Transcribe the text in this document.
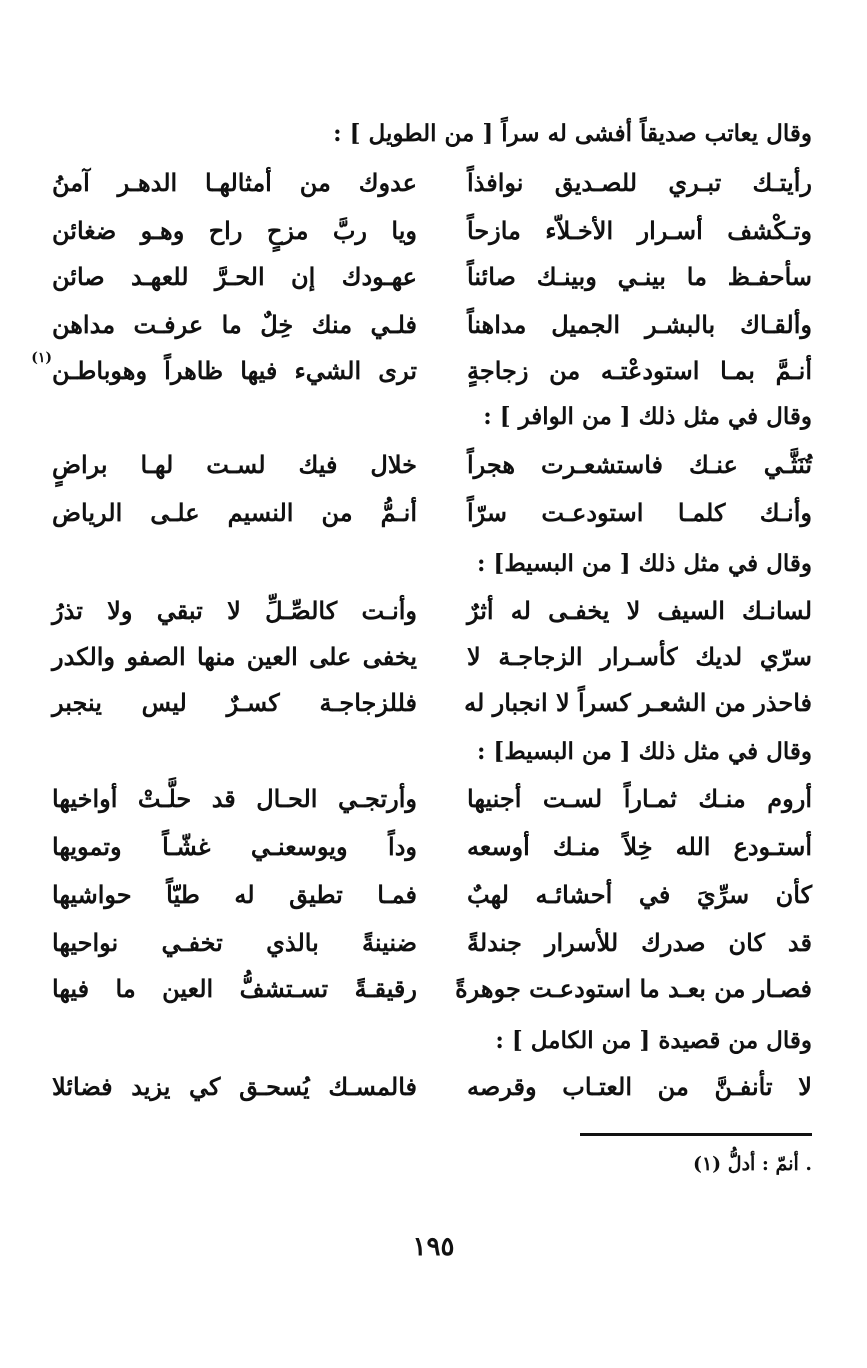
وقال يعاتب صديقاً أفشى له سراً [ من الطويل ] :
رأيتـك تبـري للصـديق نوافذاً
عدوك من أمثالهـا الدهـر آمنُ
وتـكْشف أسـرار الأخـلاّء مازحاً
ويا ربَّ مزحٍ راح وهـو ضغائن
سأحفـظ ما بينـي وبينـك صائناً
عهـودك إن الحـرَّ للعهـد صائن
وألقـاك بالبشـر الجميل مداهناً
فلـي منك خِلٌ ما عرفـت مداهن
أنـمَّ بمـا استودعْتـه من زجاجةٍ
ترى الشيء فيها ظاهراً وهوباطـن
(١)
وقال في مثل ذلك [ من الوافر ] :
تُنَثَّـي عنـك فاستشعـرت هجراً
خلال فيك لسـت لهـا براضٍ
وأنـك كلمـا استودعـت سرّاً
أنـمُّ من النسيم علـى الرياض
وقال في مثل ذلك [ من البسيط] :
لسانـك السيف لا يخفـى له أثرٌ
وأنـت كالصِّـلِّ لا تبقي ولا تذرُ
سرّي لديك كأسـرار الزجاجـة لا
يخفى على العين منها الصفو والكدر
فاحذر من الشعـر كسراً لا انجبار له
فللزجاجـة كسـرٌ ليس ينجبر
وقال في مثل ذلك [ من البسيط] :
أروم منـك ثمـاراً لسـت أجنيها
وأرتجـي الحـال قد حلَّـتْ أواخيها
أستـودع الله خِلاً منـك أوسعه
وداً ويوسعنـي غشّـاً وتمويها
كأن سرِّيَ في أحشائـه لهبٌ
فمـا تطيق له طيّاً حواشيها
قد كان صدرك للأسرار جندلةً
ضنينةً بالذي تخفـي نواحيها
فصـار من بعـد ما استودعـت جوهرةً
رقيقـةً تسـتشفُّ العين ما فيها
وقال من قصيدة [ من الكامل ] :
لا تأنفـنَّ من العتـاب وقرصه
فالمسـك يُسحـق كي يزيد فضائلا
(١) أنمّ : أدلُّ .
١٩٥
